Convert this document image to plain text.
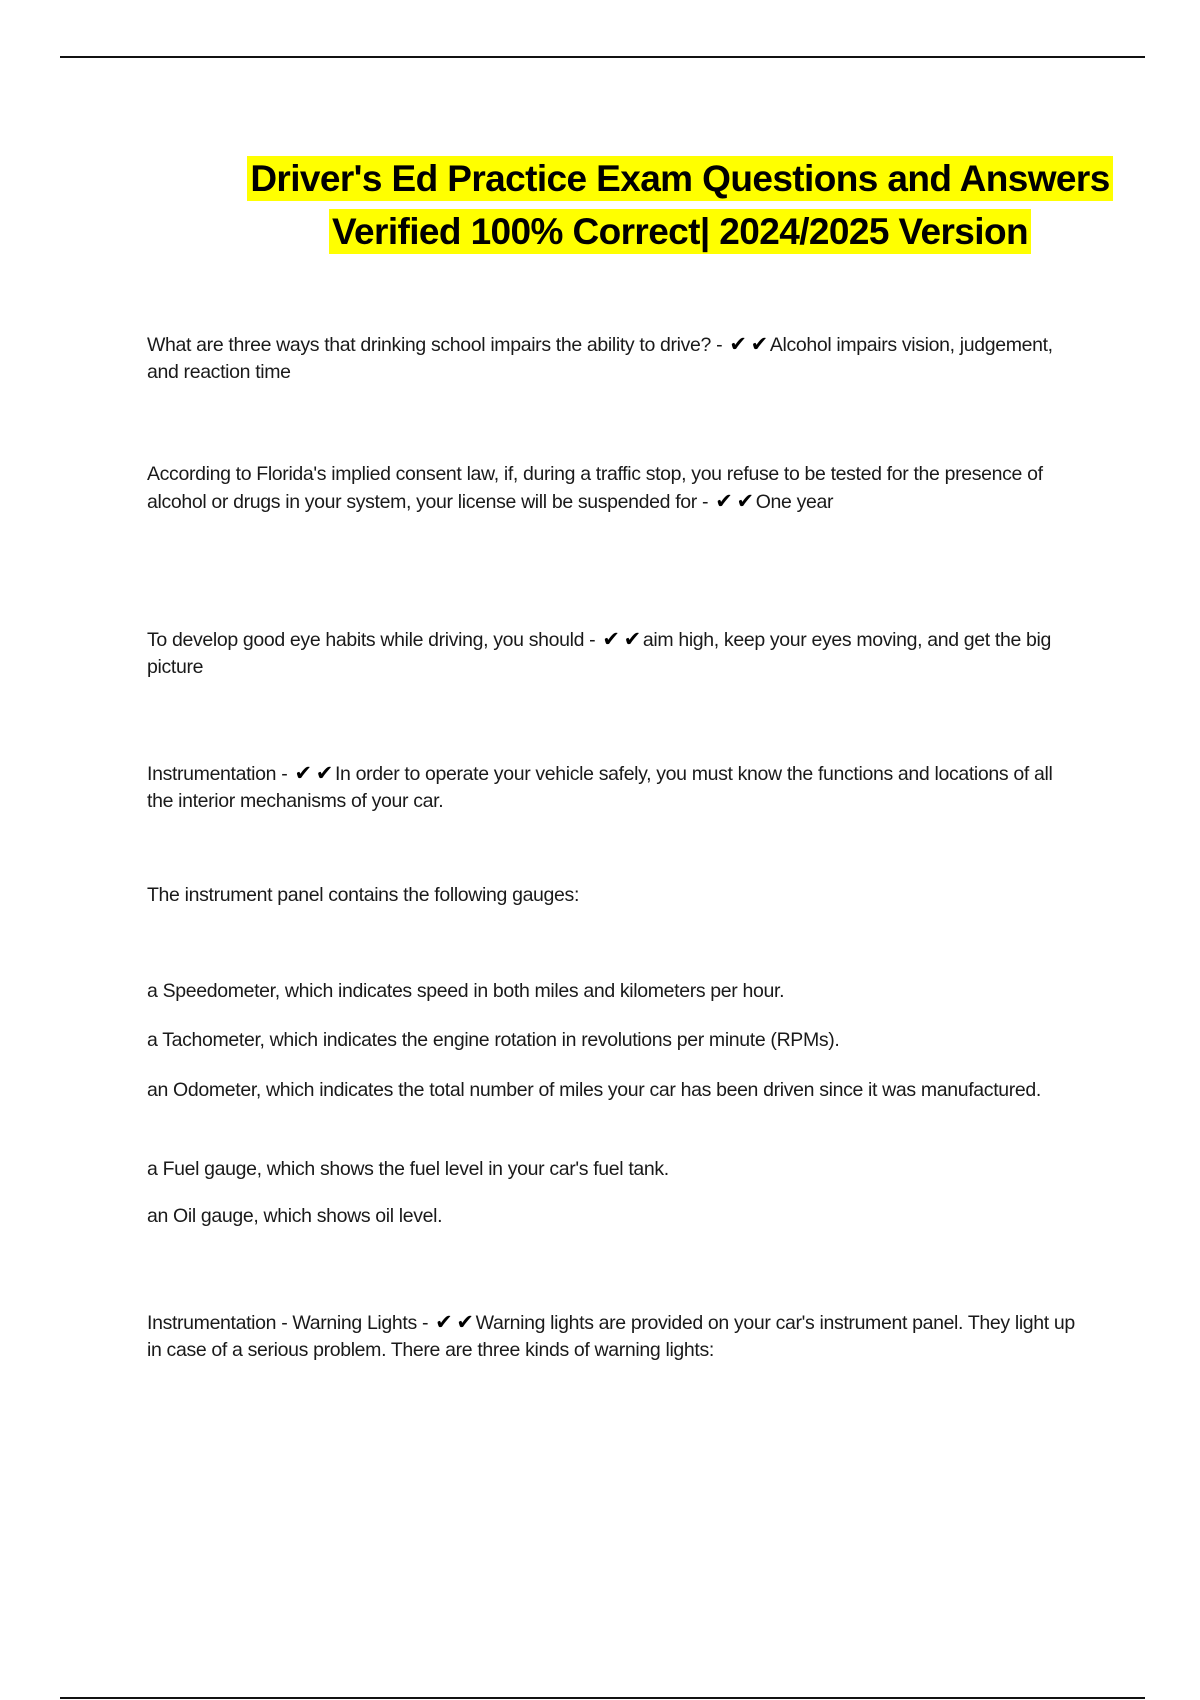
Driver's Ed Practice Exam Questions and Answers Verified 100% Correct| 2024/2025 Version
What are three ways that drinking school impairs the ability to drive? - ✔ ✔ Alcohol impairs vision, judgement, and reaction time
According to Florida's implied consent law, if, during a traffic stop, you refuse to be tested for the presence of alcohol or drugs in your system, your license will be suspended for - ✔ ✔ One year
To develop good eye habits while driving, you should - ✔ ✔ aim high, keep your eyes moving, and get the big picture
Instrumentation - ✔ ✔ In order to operate your vehicle safely, you must know the functions and locations of all the interior mechanisms of your car.
The instrument panel contains the following gauges:
a Speedometer, which indicates speed in both miles and kilometers per hour.
a Tachometer, which indicates the engine rotation in revolutions per minute (RPMs).
an Odometer, which indicates the total number of miles your car has been driven since it was manufactured.
a Fuel gauge, which shows the fuel level in your car's fuel tank.
an Oil gauge, which shows oil level.
Instrumentation - Warning Lights - ✔ ✔ Warning lights are provided on your car's instrument panel. They light up in case of a serious problem. There are three kinds of warning lights:
